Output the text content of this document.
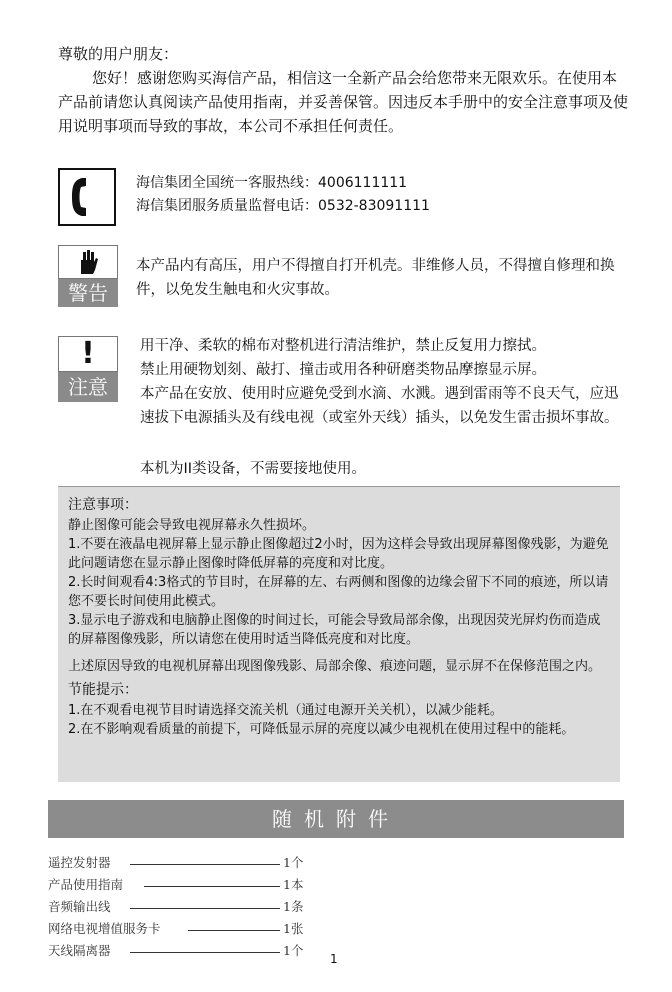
尊敬的用户朋友：

您好！感谢您购买海信产品，相信这一全新产品会给您带来无限欢乐。在使用本产品前请您认真阅读产品使用指南，并妥善保管。因违反本手册中的安全注意事项及使用说明事项而导致的事故，本公司不承担任何责任。

海信集团全国统一客服热线：4006111111
海信集团服务质量监督电话：0532-83091111
警告
本产品内有高压，用户不得擅自打开机壳。非维修人员，不得擅自修理和换件，以免发生触电和火灾事故。
!
注意

用干净、柔软的棉布对整机进行清洁维护，禁止反复用力擦拭。

禁止用硬物划刻、敲打、撞击或用各种研磨类物品摩擦显示屏。

本产品在安放、使用时应避免受到水滴、水溅。遇到雷雨等不良天气，应迅速拔下电源插头及有线电视（或室外天线）插头，以免发生雷击损坏事故。

本机为II类设备，不需要接地使用。

注意事项：

静止图像可能会导致电视屏幕永久性损坏。

1.不要在液晶电视屏幕上显示静止图像超过2小时，因为这样会导致出现屏幕图像残影，为避免此问题请您在显示静止图像时降低屏幕的亮度和对比度。

2.长时间观看4:3格式的节目时，在屏幕的左、右两侧和图像的边缘会留下不同的痕迹，所以请您不要长时间使用此模式。

3.显示电子游戏和电脑静止图像的时间过长，可能会导致局部余像，出现因荧光屏灼伤而造成的屏幕图像残影，所以请您在使用时适当降低亮度和对比度。

上述原因导致的电视机屏幕出现图像残影、局部余像、痕迹问题，显示屏不在保修范围之内。

节能提示：

1.在不观看电视节目时请选择交流关机（通过电源开关关机），以减少能耗。

2.在不影响观看质量的前提下，可降低显示屏的亮度以减少电视机在使用过程中的能耗。

随机附件
遥控发射器	1个
产品使用指南	1本
音频输出线	1条
网络电视增值服务卡	1张
天线隔离器	1个
1
